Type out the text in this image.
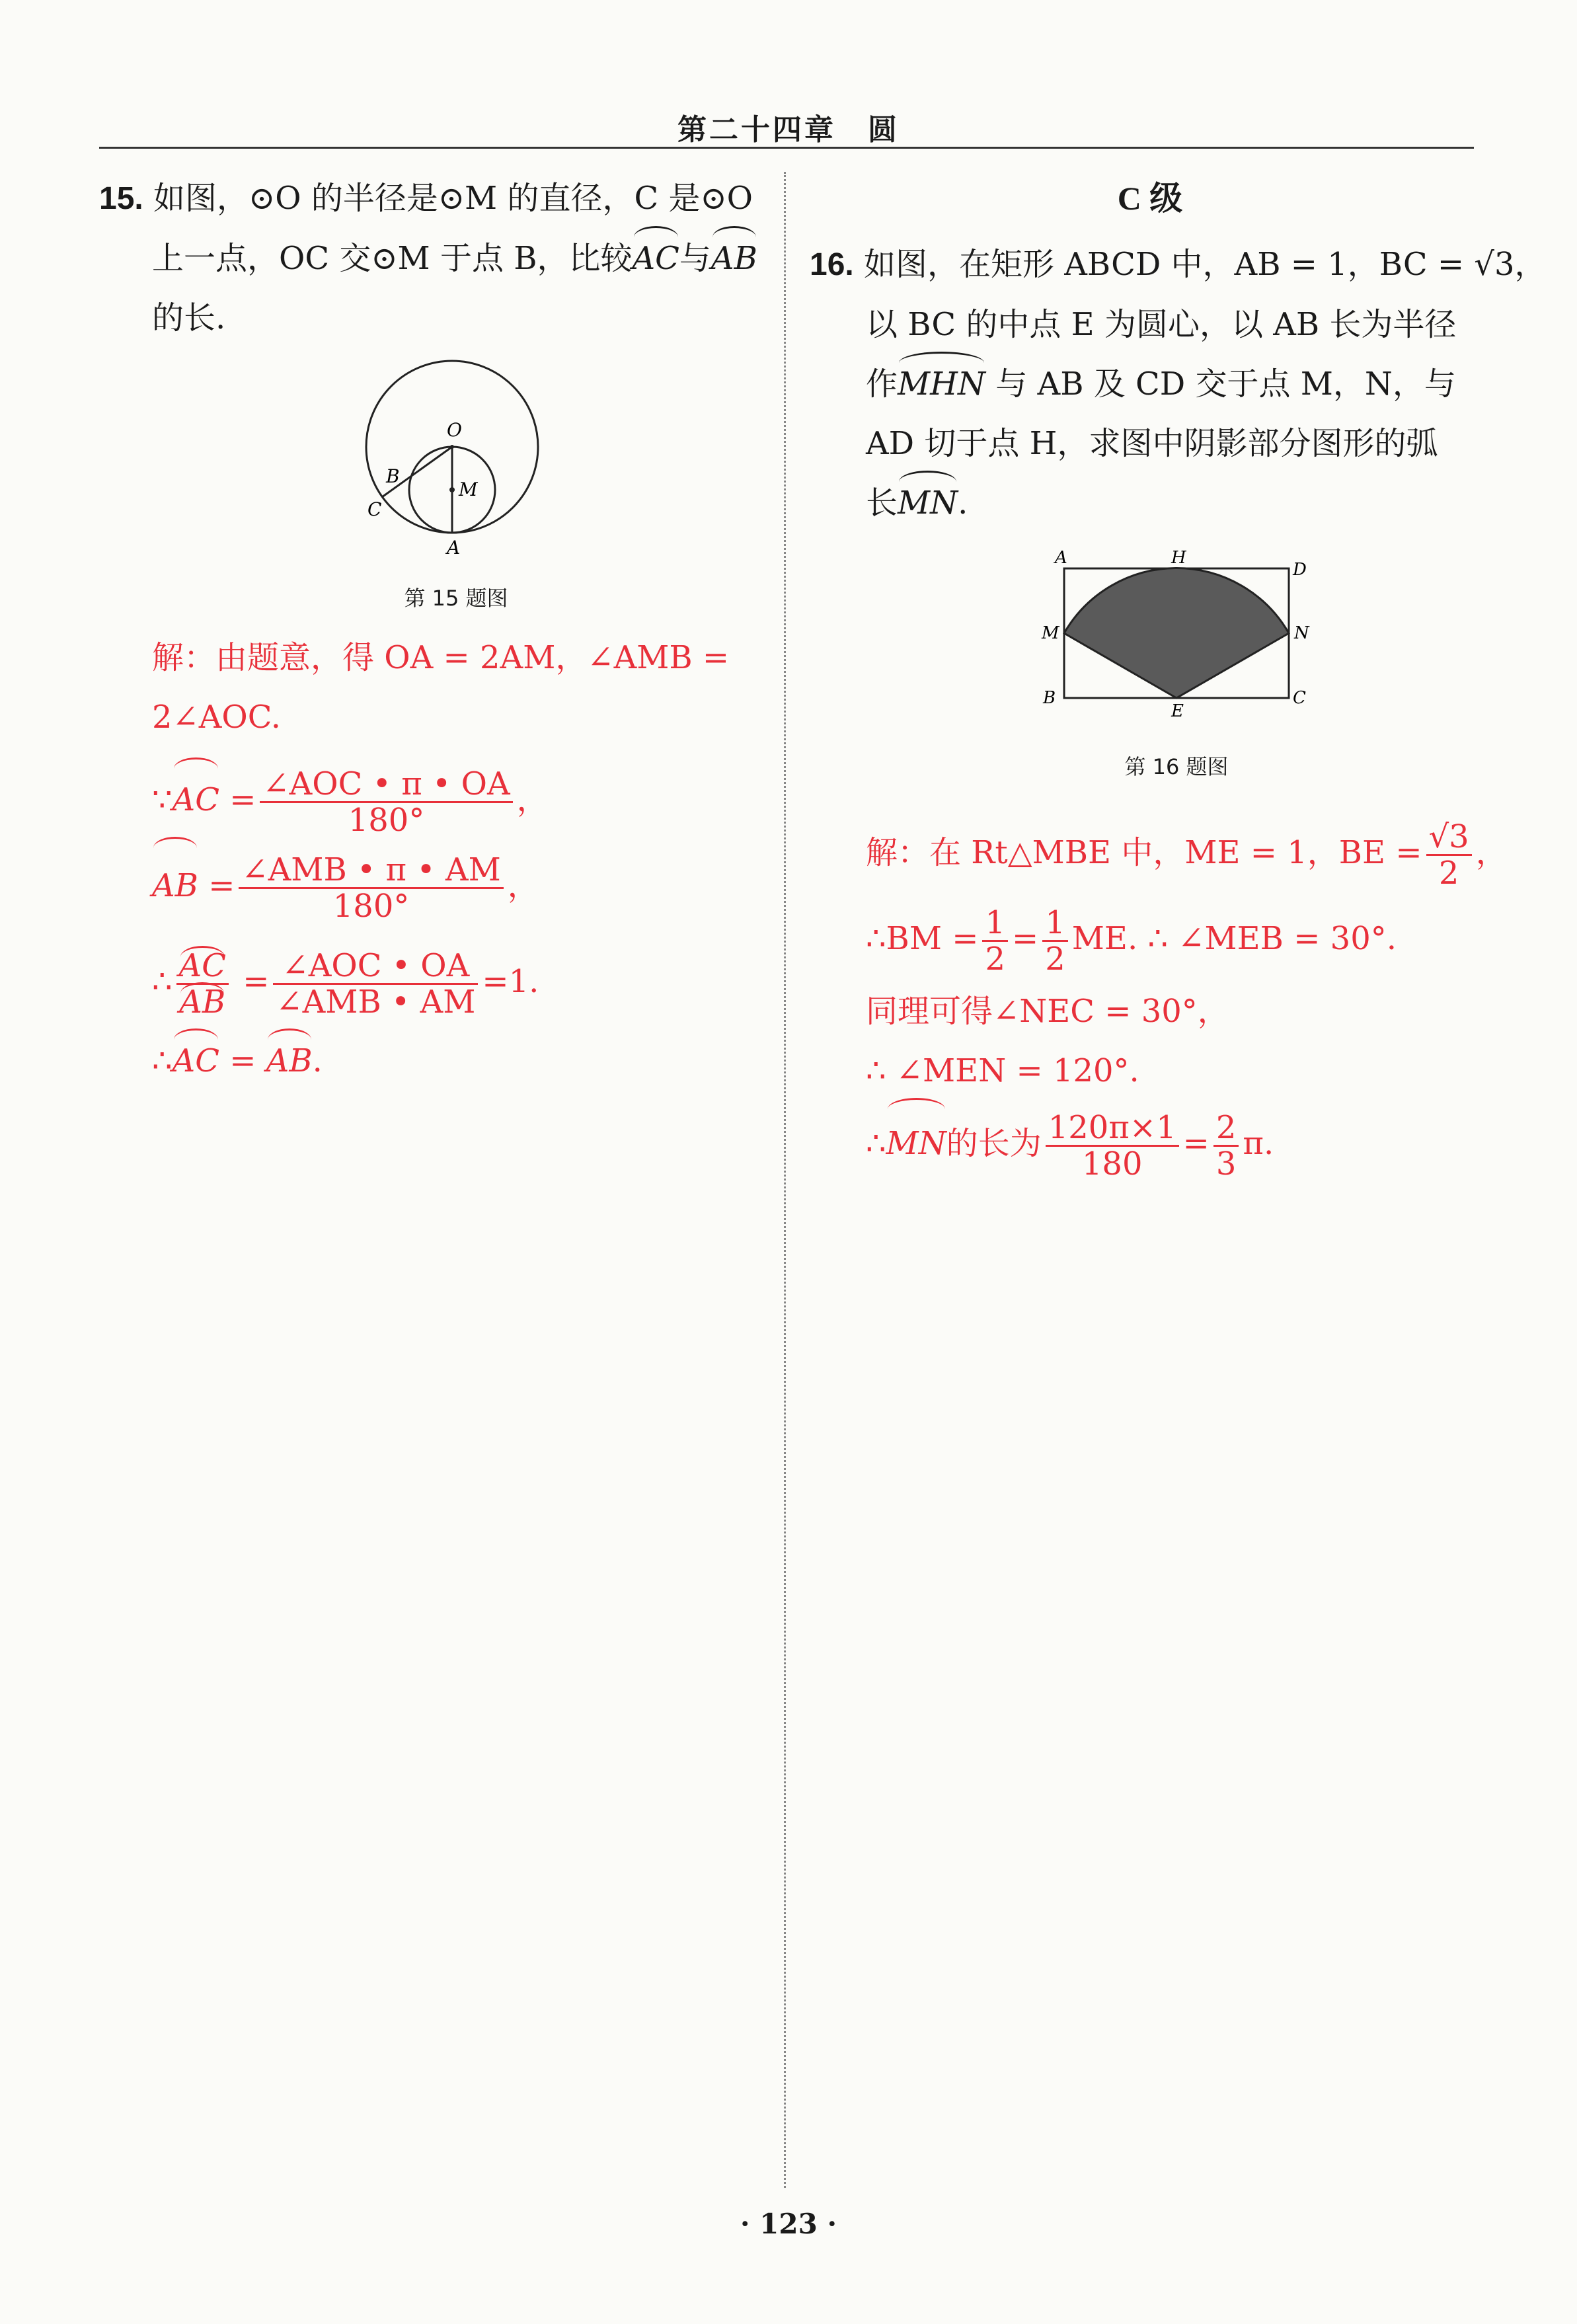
第二十四章　圆
15. 如图，⊙O 的半径是⊙M 的直径，C 是⊙O
上一点，OC 交⊙M 于点 B，比较AC与AB
的长.
O
M
B
C
A
第 15 题图
解：由题意，得 OA = 2AM，∠AMB =
2∠AOC.
∵AC = $\frac{\text{∠AOC • π • OA}}{180^\circ}$ ，
AB = $\frac{\text{∠AMB • π • AM}}{180^\circ}$ ，
∴ $\frac{AC}{AB} = \frac{\text{∠AOC • OA}}{\text{∠AMB • AM}} =1$.
∴AC = AB.
C 级
16. 如图，在矩形 ABCD 中，AB = 1，BC = √3，
以 BC 的中点 E 为圆心，以 AB 长为半径
作MHN 与 AB 及 CD 交于点 M，N，与
AD 切于点 H，求图中阴影部分图形的弧
长MN.
A	H
D
M	N
B
E
C
第 16 题图
解：在 Rt△MBE 中，ME = 1，BE = $\frac{√3}{2}$ ，
∴BM = $\frac{1}{2} = \frac{1}{2}$ ME. ∴ ∠MEB = 30°.
同理可得∠NEC = 30°，
∴ ∠MEN = 120°.
∴MN的长为 $\frac{120\pi\times 1}{180} = \frac{2}{3} \pi$.
· 123 ·
